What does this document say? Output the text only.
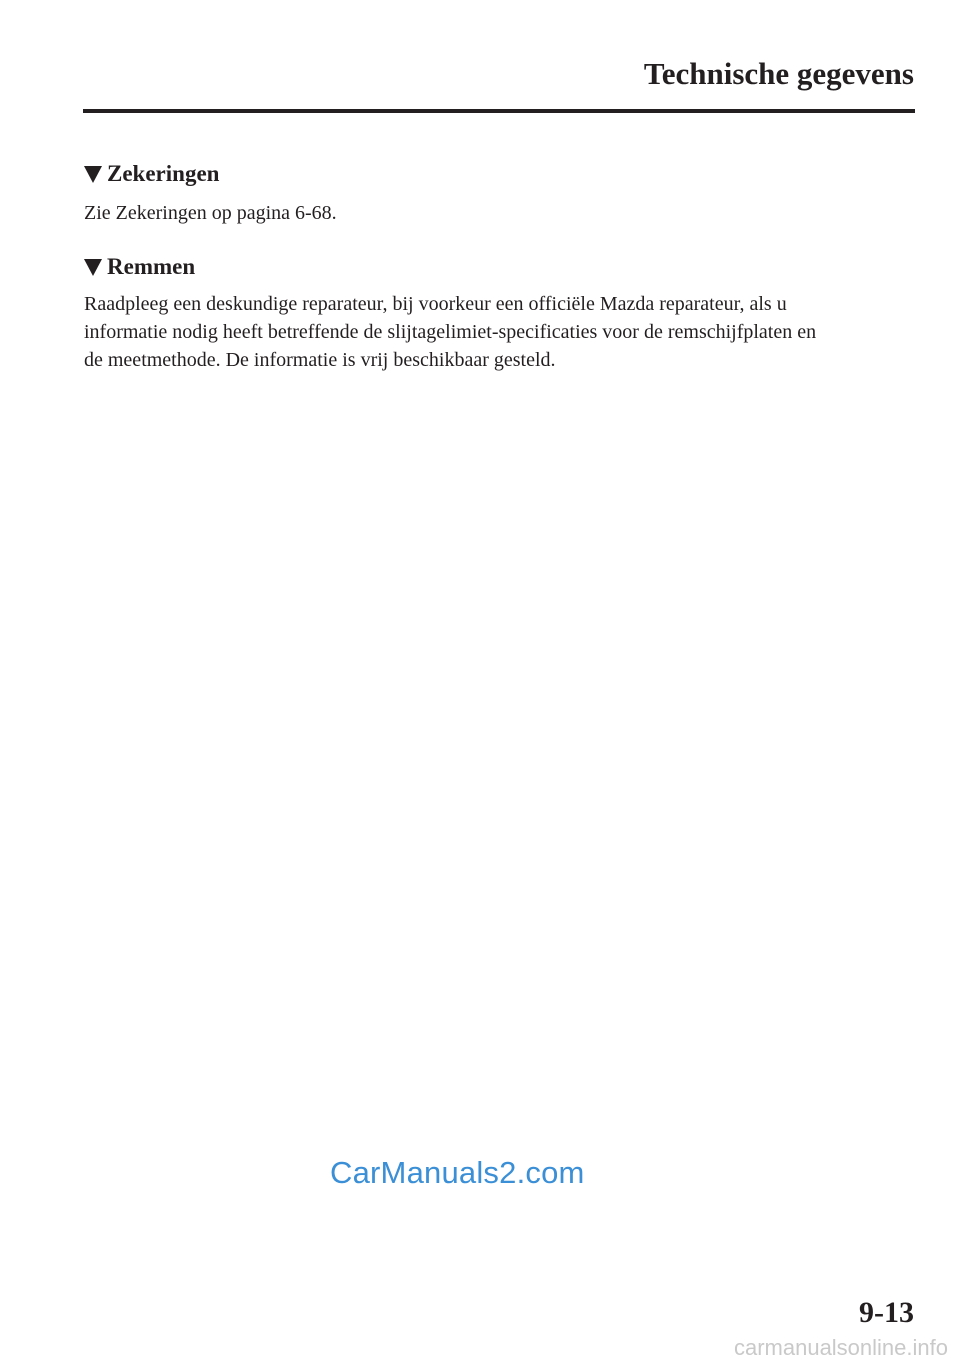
Technische gegevens
Zekeringen
Zie Zekeringen op pagina 6-68.
Remmen
Raadpleeg een deskundige reparateur, bij voorkeur een officiële Mazda reparateur, als u
informatie nodig heeft betreffende de slijtagelimiet-specificaties voor de remschijfplaten en
de meetmethode. De informatie is vrij beschikbaar gesteld.
CarManuals2.com
9-13
carmanualsonline.info
